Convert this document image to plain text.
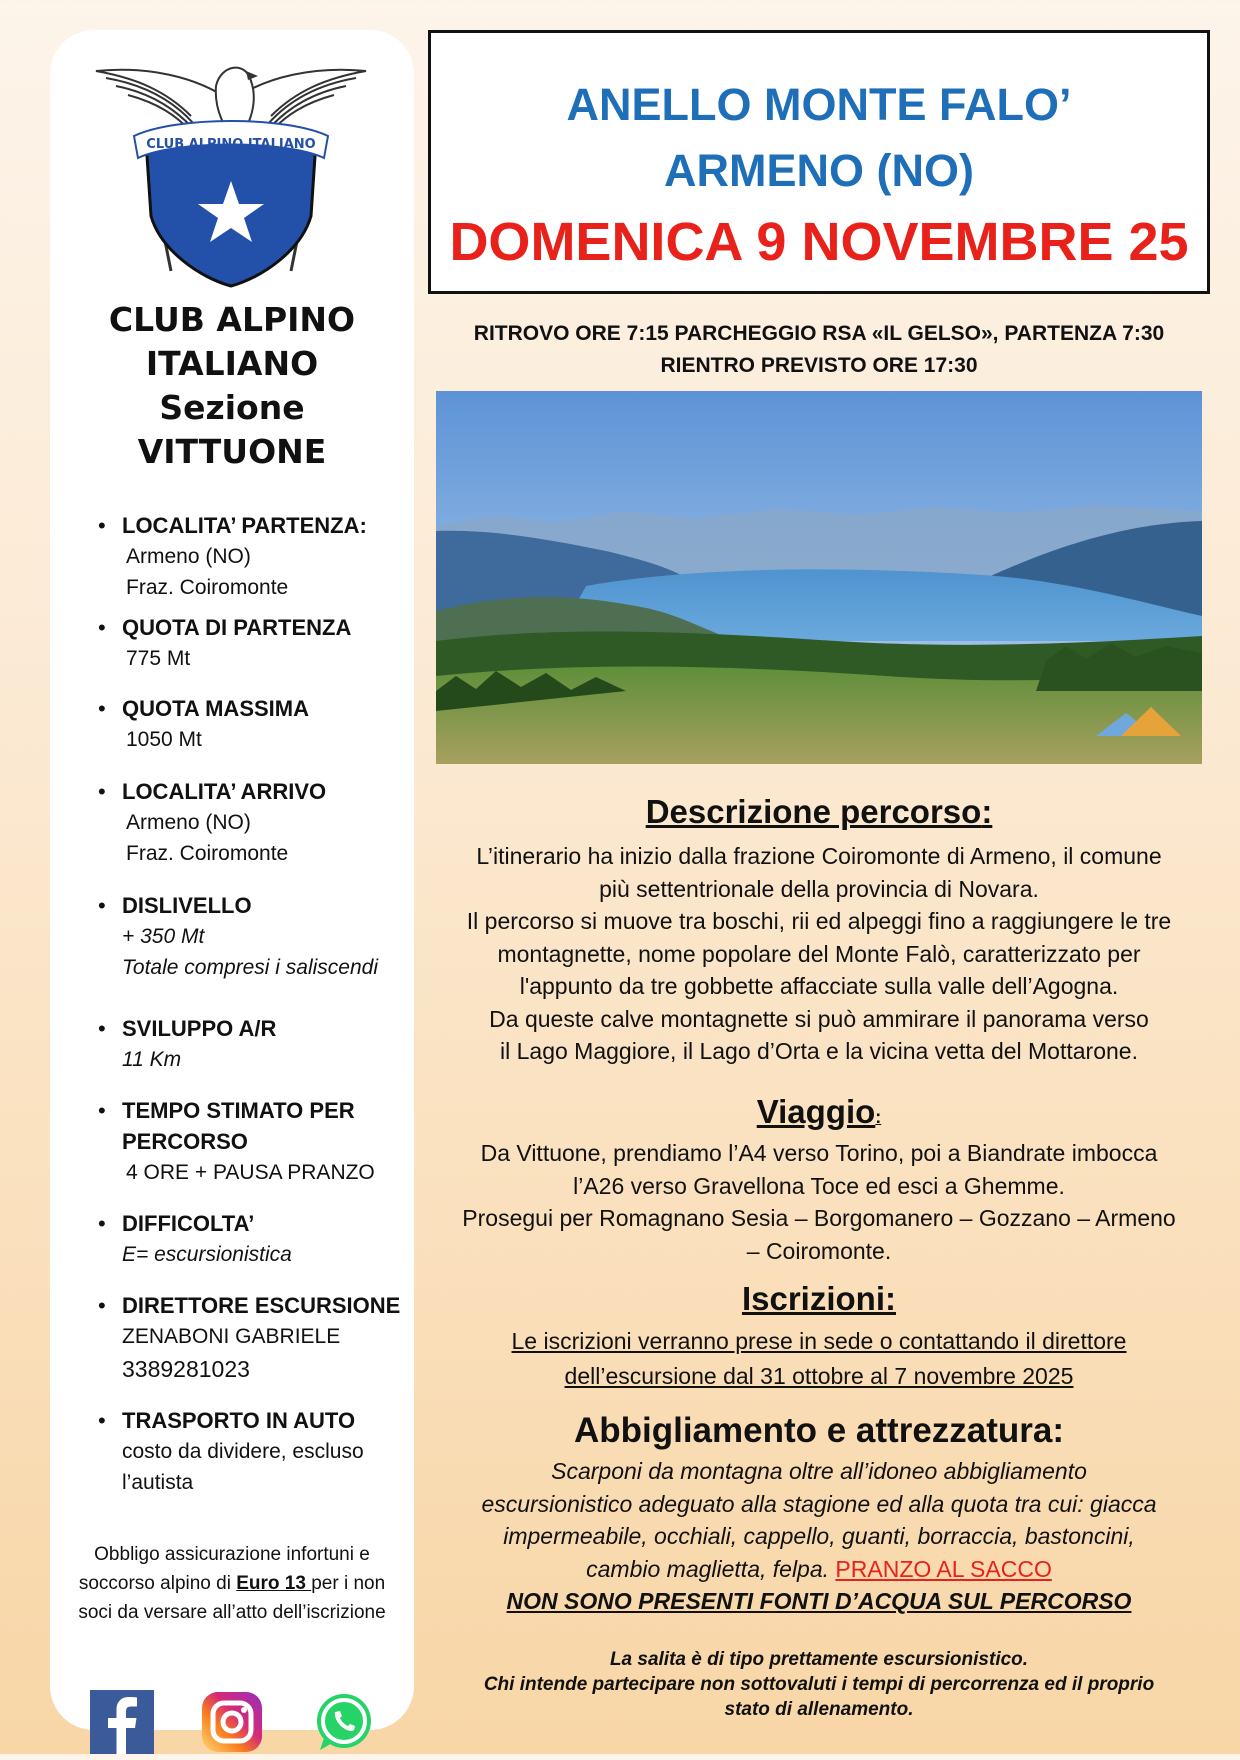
CLUB ALPINO ITALIANO
CLUB ALPINO
ITALIANO
Sezione
VITTUONE
• LOCALITA’ PARTENZA:
Armeno (NO)
Fraz. Coiromonte
• QUOTA DI PARTENZA
775 Mt
• QUOTA MASSIMA
1050 Mt
• LOCALITA’ ARRIVO
Armeno (NO)
Fraz. Coiromonte
• DISLIVELLO
+ 350 Mt
Totale compresi i saliscendi
• SVILUPPO A/R
11 Km
• TEMPO STIMATO PER PERCORSO
4 ORE + PAUSA PRANZO
• DIFFICOLTA’
E= escursionistica
• DIRETTORE ESCURSIONE
ZENABONI GABRIELE
3389281023
• TRASPORTO IN AUTO
costo da dividere, escluso l’autista
Obbligo assicurazione infortuni e soccorso alpino di Euro 13 per i non soci da versare all’atto dell’iscrizione
ANELLO MONTE FALO’
ARMENO (NO)
DOMENICA 9 NOVEMBRE 25
RITROVO ORE 7:15 PARCHEGGIO RSA «IL GELSO», PARTENZA 7:30
RIENTRO PREVISTO ORE 17:30
Descrizione percorso:
L’itinerario ha inizio dalla frazione Coiromonte di Armeno, il comune
più settentrionale della provincia di Novara.
Il percorso si muove tra boschi, rii ed alpeggi fino a raggiungere le tre
montagnette, nome popolare del Monte Falò, caratterizzato per
l'appunto da tre gobbette affacciate sulla valle dell’Agogna.
Da queste calve montagnette si può ammirare il panorama verso
il Lago Maggiore, il Lago d’Orta e la vicina vetta del Mottarone.
Viaggio:
Da Vittuone, prendiamo l’A4 verso Torino, poi a Biandrate imbocca
l’A26 verso Gravellona Toce ed esci a Ghemme.
Prosegui per Romagnano Sesia – Borgomanero – Gozzano – Armeno
– Coiromonte.
Iscrizioni:
Le iscrizioni verranno prese in sede o contattando il direttore
dell’escursione dal 31 ottobre al 7 novembre 2025
Abbigliamento e attrezzatura:
Scarponi da montagna oltre all’idoneo abbigliamento
escursionistico adeguato alla stagione ed alla quota tra cui: giacca
impermeabile, occhiali, cappello, guanti, borraccia, bastoncini,
cambio maglietta, felpa. PRANZO AL SACCO
NON SONO PRESENTI FONTI D’ACQUA SUL PERCORSO
La salita è di tipo prettamente escursionistico.
Chi intende partecipare non sottovaluti i tempi di percorrenza ed il proprio
stato di allenamento.
